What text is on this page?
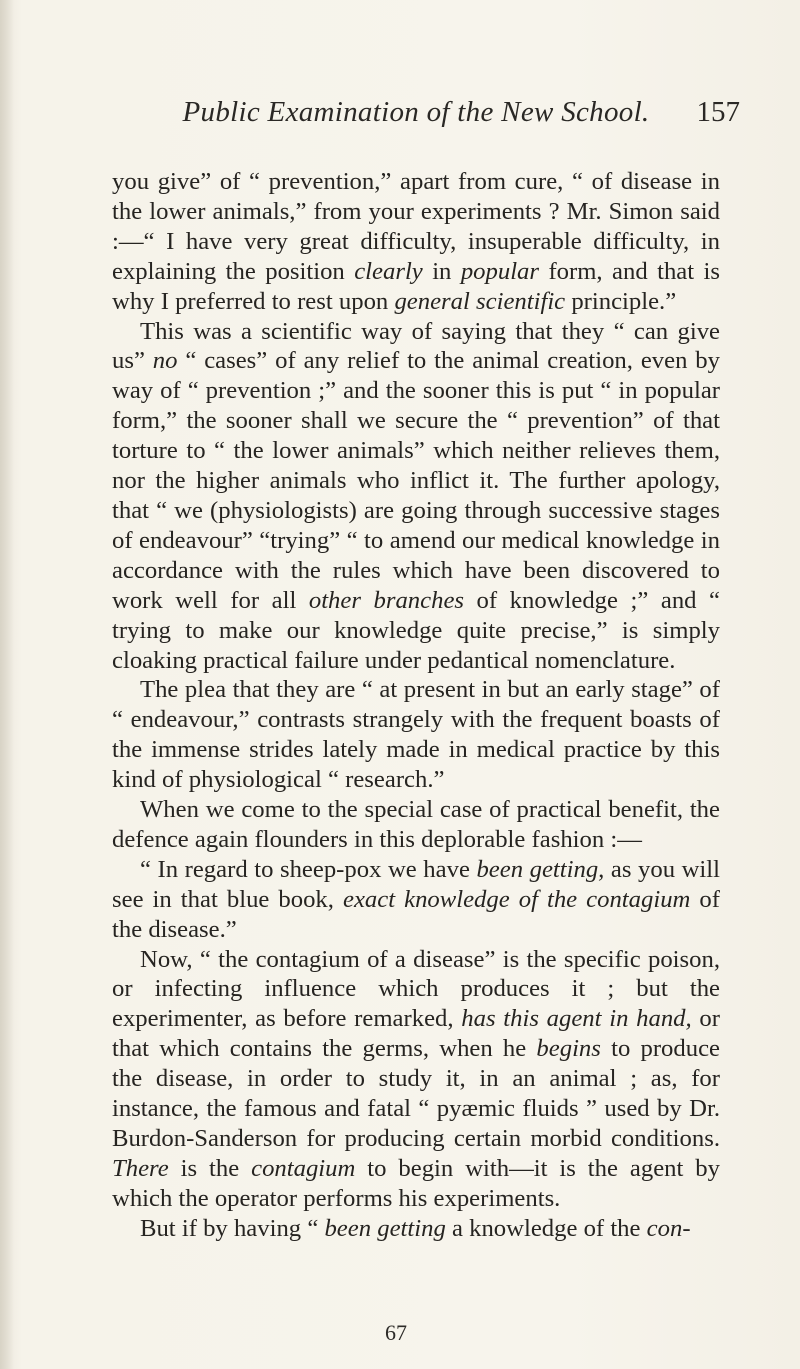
Public Examination of the New School.	157

you give” of “ prevention,” apart from cure, “ of disease in the lower animals,” from your experiments ? Mr. Simon said :—“ I have very great difficulty, insuperable difficulty, in explaining the position clearly in popular form, and that is why I preferred to rest upon general scientific principle.”

This was a scientific way of saying that they “ can give us” no “ cases” of any relief to the animal creation, even by way of “ prevention ;” and the sooner this is put “ in popular form,” the sooner shall we secure the “ prevention” of that torture to “ the lower animals” which neither relieves them, nor the higher animals who inflict it. The further apology, that “ we (physiologists) are going through successive stages of endeavour” “trying” “ to amend our medical knowledge in accordance with the rules which have been discovered to work well for all other branches of knowledge ;” and “ trying to make our knowledge quite precise,” is simply cloaking practical failure under pedantical nomenclature.

The plea that they are “ at present in but an early stage” of “ endeavour,” contrasts strangely with the frequent boasts of the immense strides lately made in medical practice by this kind of physiological “ research.”

When we come to the special case of practical benefit, the defence again flounders in this deplorable fashion :—

“ In regard to sheep-pox we have been getting, as you will see in that blue book, exact knowledge of the contagium of the disease.”

Now, “ the contagium of a disease” is the specific poison, or infecting influence which produces it ; but the experimenter, as before remarked, has this agent in hand, or that which contains the germs, when he begins to produce the disease, in order to study it, in an animal ; as, for instance, the famous and fatal “ pyæmic fluids ” used by Dr. Burdon-Sanderson for producing certain morbid conditions. There is the contagium to begin with—it is the agent by which the operator performs his experiments.

But if by having “ been getting a knowledge of the con-

67
